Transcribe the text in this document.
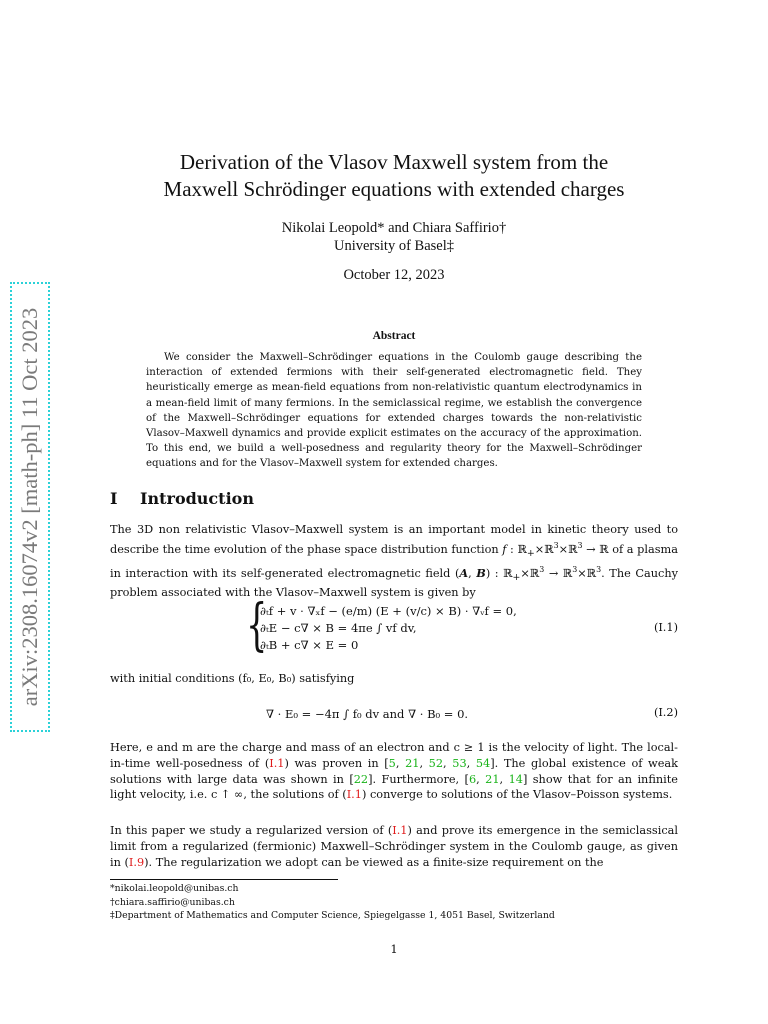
arXiv:2308.16074v2 [math-ph] 11 Oct 2023
Derivation of the Vlasov Maxwell system from the
Maxwell Schrödinger equations with extended charges
Nikolai Leopold* and Chiara Saffirio†
University of Basel‡
October 12, 2023
Abstract
We consider the Maxwell–Schrödinger equations in the Coulomb gauge describing the interaction of extended fermions with their self-generated electromagnetic field. They heuristically emerge as mean-field equations from non-relativistic quantum electrodynamics in a mean-field limit of many fermions. In the semiclassical regime, we establish the convergence of the Maxwell–Schrödinger equations for extended charges towards the non-relativistic Vlasov–Maxwell dynamics and provide explicit estimates on the accuracy of the approximation. To this end, we build a well-posedness and regularity theory for the Maxwell–Schrödinger equations and for the Vlasov–Maxwell system for extended charges.
I Introduction
The 3D non relativistic Vlasov–Maxwell system is an important model in kinetic theory used to describe the time evolution of the phase space distribution function f : ℝ$_+$×ℝ$^3$×ℝ$^3$ → ℝ of a plasma in interaction with its self-generated electromagnetic field (A, B) : ℝ$_+$×ℝ$^3$ → ℝ$^3$×ℝ$^3$. The Cauchy problem associated with the Vlasov–Maxwell system is given by
{
∂ₜf + v · ∇ₓf − (e/m) (E + (v/c) × B) · ∇ᵥf = 0,
∂ₜE − c∇ × B = 4πe ∫ vf dv,
∂ₜB + c∇ × E = 0
(I.1)
with initial conditions (f₀, E₀, B₀) satisfying
∇ · E₀ = −4π ∫ f₀ dv and ∇ · B₀ = 0.	(I.2)
Here, e and m are the charge and mass of an electron and c ≥ 1 is the velocity of light. The local-in-time well-posedness of (I.1) was proven in [5, 21, 52, 53, 54]. The global existence of weak solutions with large data was shown in [22]. Furthermore, [6, 21, 14] show that for an infinite light velocity, i.e. c ↑ ∞, the solutions of (I.1) converge to solutions of the Vlasov–Poisson systems.
In this paper we study a regularized version of (I.1) and prove its emergence in the semiclassical limit from a regularized (fermionic) Maxwell–Schrödinger system in the Coulomb gauge, as given in (I.9). The regularization we adopt can be viewed as a finite-size requirement on the
*nikolai.leopold@unibas.ch
†chiara.saffirio@unibas.ch
‡Department of Mathematics and Computer Science, Spiegelgasse 1, 4051 Basel, Switzerland
1
